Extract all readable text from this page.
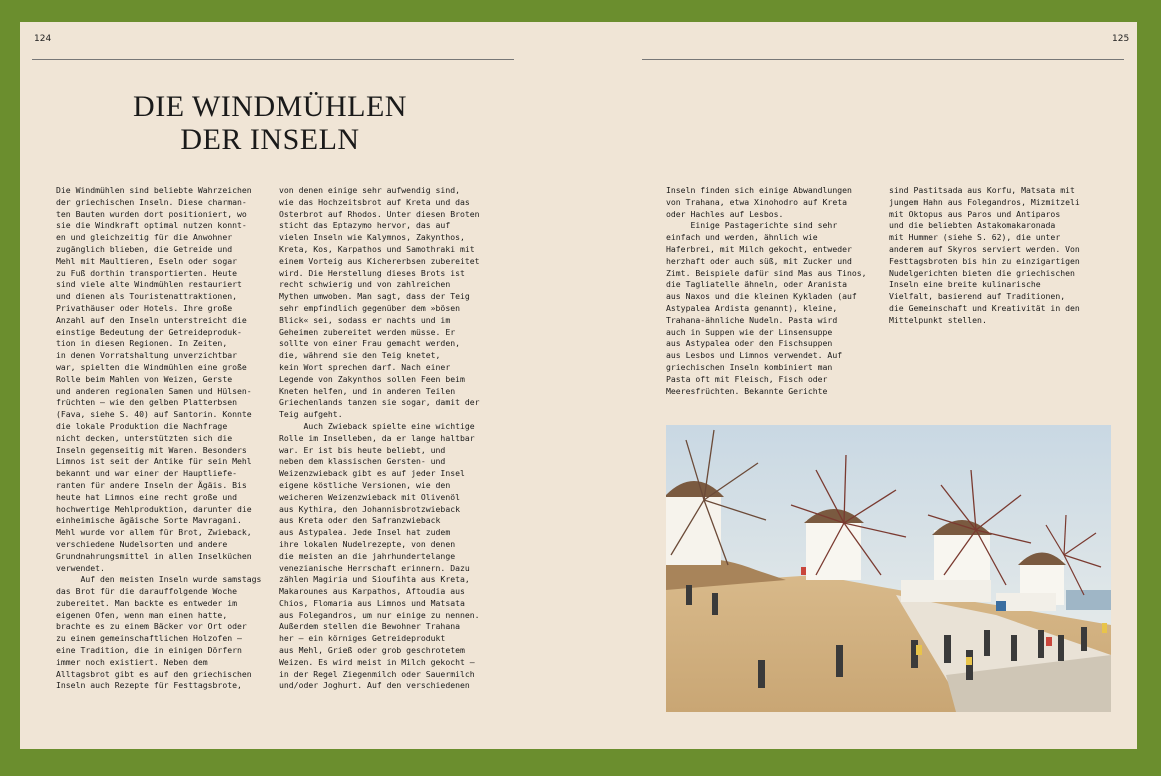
124	125
DIE WINDMÜHLEN
DER INSELN
Die Windmühlen sind beliebte Wahrzeichen
der griechischen Inseln. Diese charman-
ten Bauten wurden dort positioniert, wo
sie die Windkraft optimal nutzen konnt-
en und gleichzeitig für die Anwohner
zugänglich blieben, die Getreide und
Mehl mit Maultieren, Eseln oder sogar
zu Fuß dorthin transportierten. Heute
sind viele alte Windmühlen restauriert
und dienen als Touristenattraktionen,
Privathäuser oder Hotels. Ihre große
Anzahl auf den Inseln unterstreicht die
einstige Bedeutung der Getreideproduk-
tion in diesen Regionen. In Zeiten,
in denen Vorratshaltung unverzichtbar
war, spielten die Windmühlen eine große
Rolle beim Mahlen von Weizen, Gerste
und anderen regionalen Samen und Hülsen-
früchten – wie den gelben Platterbsen
(Fava, siehe S. 40) auf Santorin. Konnte
die lokale Produktion die Nachfrage
nicht decken, unterstützten sich die
Inseln gegenseitig mit Waren. Besonders
Limnos ist seit der Antike für sein Mehl
bekannt und war einer der Hauptliefe-
ranten für andere Inseln der Ägäis. Bis
heute hat Limnos eine recht große und
hochwertige Mehlproduktion, darunter die
einheimische ägäische Sorte Mavragani.
Mehl wurde vor allem für Brot, Zwieback,
verschiedene Nudelsorten und andere
Grundnahrungsmittel in allen Inselküchen
verwendet.
Auf den meisten Inseln wurde samstags
das Brot für die darauffolgende Woche
zubereitet. Man backte es entweder im
eigenen Ofen, wenn man einen hatte,
brachte es zu einem Bäcker vor Ort oder
zu einem gemeinschaftlichen Holzofen –
eine Tradition, die in einigen Dörfern
immer noch existiert. Neben dem
Alltagsbrot gibt es auf den griechischen
Inseln auch Rezepte für Festtagsbrote,
von denen einige sehr aufwendig sind,
wie das Hochzeitsbrot auf Kreta und das
Osterbrot auf Rhodos. Unter diesen Broten
sticht das Eptazymo hervor, das auf
vielen Inseln wie Kalymnos, Zakynthos,
Kreta, Kos, Karpathos und Samothraki mit
einem Vorteig aus Kichererbsen zubereitet
wird. Die Herstellung dieses Brots ist
recht schwierig und von zahlreichen
Mythen umwoben. Man sagt, dass der Teig
sehr empfindlich gegenüber dem »bösen
Blick« sei, sodass er nachts und im
Geheimen zubereitet werden müsse. Er
sollte von einer Frau gemacht werden,
die, während sie den Teig knetet,
kein Wort sprechen darf. Nach einer
Legende von Zakynthos sollen Feen beim
Kneten helfen, und in anderen Teilen
Griechenlands tanzen sie sogar, damit der
Teig aufgeht.
Auch Zwieback spielte eine wichtige
Rolle im Inselleben, da er lange haltbar
war. Er ist bis heute beliebt, und
neben dem klassischen Gersten- und
Weizenzwieback gibt es auf jeder Insel
eigene köstliche Versionen, wie den
weicheren Weizenzwieback mit Olivenöl
aus Kythira, den Johannisbrotzwieback
aus Kreta oder den Safranzwieback
aus Astypalea. Jede Insel hat zudem
ihre lokalen Nudelrezepte, von denen
die meisten an die jahrhundertelange
venezianische Herrschaft erinnern. Dazu
zählen Magiria und Sioufihta aus Kreta,
Makarounes aus Karpathos, Aftoudia aus
Chios, Flomaria aus Limnos und Matsata
aus Folegandros, um nur einige zu nennen.
Außerdem stellen die Bewohner Trahana
her – ein körniges Getreideprodukt
aus Mehl, Grieß oder grob geschrotetem
Weizen. Es wird meist in Milch gekocht –
in der Regel Ziegenmilch oder Sauermilch
und/oder Joghurt. Auf den verschiedenen
Inseln finden sich einige Abwandlungen
von Trahana, etwa Xinohodro auf Kreta
oder Hachles auf Lesbos.
Einige Pastagerichte sind sehr
einfach und werden, ähnlich wie
Haferbrei, mit Milch gekocht, entweder
herzhaft oder auch süß, mit Zucker und
Zimt. Beispiele dafür sind Mas aus Tinos,
die Tagliatelle ähneln, oder Aranista
aus Naxos und die kleinen Kykladen (auf
Astypalea Ardista genannt), kleine,
Trahana-ähnliche Nudeln. Pasta wird
auch in Suppen wie der Linsensuppe
aus Astypalea oder den Fischsuppen
aus Lesbos und Limnos verwendet. Auf
griechischen Inseln kombiniert man
Pasta oft mit Fleisch, Fisch oder
Meeresfrüchten. Bekannte Gerichte
sind Pastitsada aus Korfu, Matsata mit
jungem Hahn aus Folegandros, Mizmitzeli
mit Oktopus aus Paros und Antiparos
und die beliebten Astakomakaronada
mit Hummer (siehe S. 62), die unter
anderem auf Skyros serviert werden. Von
Festtagsbroten bis hin zu einzigartigen
Nudelgerichten bieten die griechischen
Inseln eine breite kulinarische
Vielfalt, basierend auf Traditionen,
die Gemeinschaft und Kreativität in den
Mittelpunkt stellen.
